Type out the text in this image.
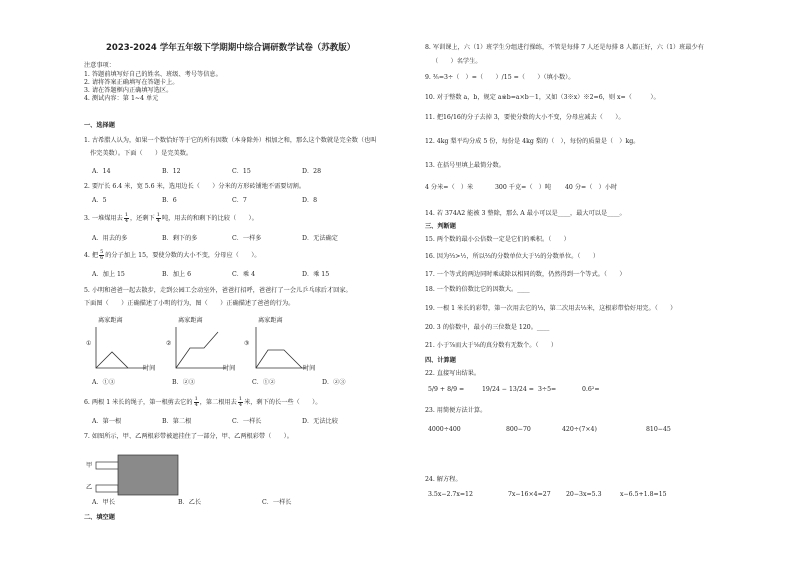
2023-2024 学年五年级下学期期中综合调研数学试卷（苏教版）
注意事项：
1. 答题前填写好自己的姓名、班级、考号等信息。
2. 请将答案正确填写在答题卡上。
3. 请在答题框内正确填写选区。
4. 测试内容：第 1~4 单元
一、选择题
1. 古希腊人认为，如果一个数恰好等于它的所有因数（本身除外）相加之和，那么这个数就是完全数（也叫
作完美数）。下面（　　）是完美数。
A．14	B．12	C．15	D．28
2. 要厅长 6.4 米，宽 5.6 米，选用边长（　　）分米的方形砖铺地不需要切割。
A．5	B．6	C．7	D．8
3. 一堆煤用去 $\frac{1}{4}$ ，还剩下 $\frac{1}{4}$ 吨，用去的和剩下的比较（　　）。
A．用去的多	B．剩下的多	C．一样多	D．无法确定
4. 把 $\frac{5}{6}$ 的分子加上 15，要使分数的大小不变，分母应（　　）。
A．加上 15	B．加上 6	C．乘 4	D．乘 15
5. 小明和爸爸一起去散步，走到公园工会动室外，爸爸打招呼，爸爸打了一会儿乒乓球后才回家。
下面图（　　）正确描述了小明的行为，图（　　）正确描述了爸爸的行为。
离家距离	离家距离	离家距离
①	②	③
时间	时间	时间
A．①③	B．②③	C．①②	D．②③
6. 两根 1 米长的绳子，第一根剪去它的 $\frac{1}{4}$ ，第二根用去 $\frac{1}{4}$ 米，剩下的长一些（　　）。
A．第一根	B．第二根	C．一样长	D．无法比较
7. 如图所示，甲、乙两根彩带被遮挂住了一部分，甲、乙两根彩带（　　）。
甲
乙
A．甲长	B．乙长	C．一样长
二、填空题
8. 军训课上，六（1）班学生分组进行操练，不管是每排 7 人还是每排 8 人都正好，六（1）班最少有
（　　）名学生。
9. ⅗=3÷（　）=（　　）/15 =（　　）（填小数）。
10. 对于整数 a，b，规定 a※b=a×b－1，又如（3※x）※2=6，则 x=（　　　）。
11. 把16/16的分子去掉 3，要使分数的大小不变，分母应减去（　　）。
12. 4kg 梨平均分成 5 份，每份是 4kg 梨的（　），每份的质量是（　）kg。
13. 在括号里填上最简分数。
4 分米=（　）米	300 千克=（　）吨 40 分=（　）小时
14. 若 374A2 能被 3 整除，那么 A 最小可以是____，最大可以是____。
三、判断题
15. 两个数的最小公倍数一定是它们的乘积。（　　）
16. 因为⅔>½，所以⅔的分数单位大于½的分数单位。（　　）
17. 一个等式的两边同时乘或除以相同的数，仍然得到一个等式。（　　）
18. 一个数的倍数比它的因数大。____
19. 一根 1 米长的彩带，第一次用去它的⅓，第二次用去⅓米，这根彩带恰好用完。（　　）
20. 3 的倍数中，最小的三位数是 120。____
21. 小于⅞而大于⅛的真分数有无数个。（　　）
四、计算题
22. 直接写出结果。
5/9 + 8/9 =	19/24 − 13/24 = 3÷5=	0.6²=
23. 用简便方法计算。
4000÷400	800−70	420÷(7×4)	810−45
24. 解方程。
3.5x−2.7x=12	7x−16×4=27 20−3x=5.3	x−6.5+1.8=15
